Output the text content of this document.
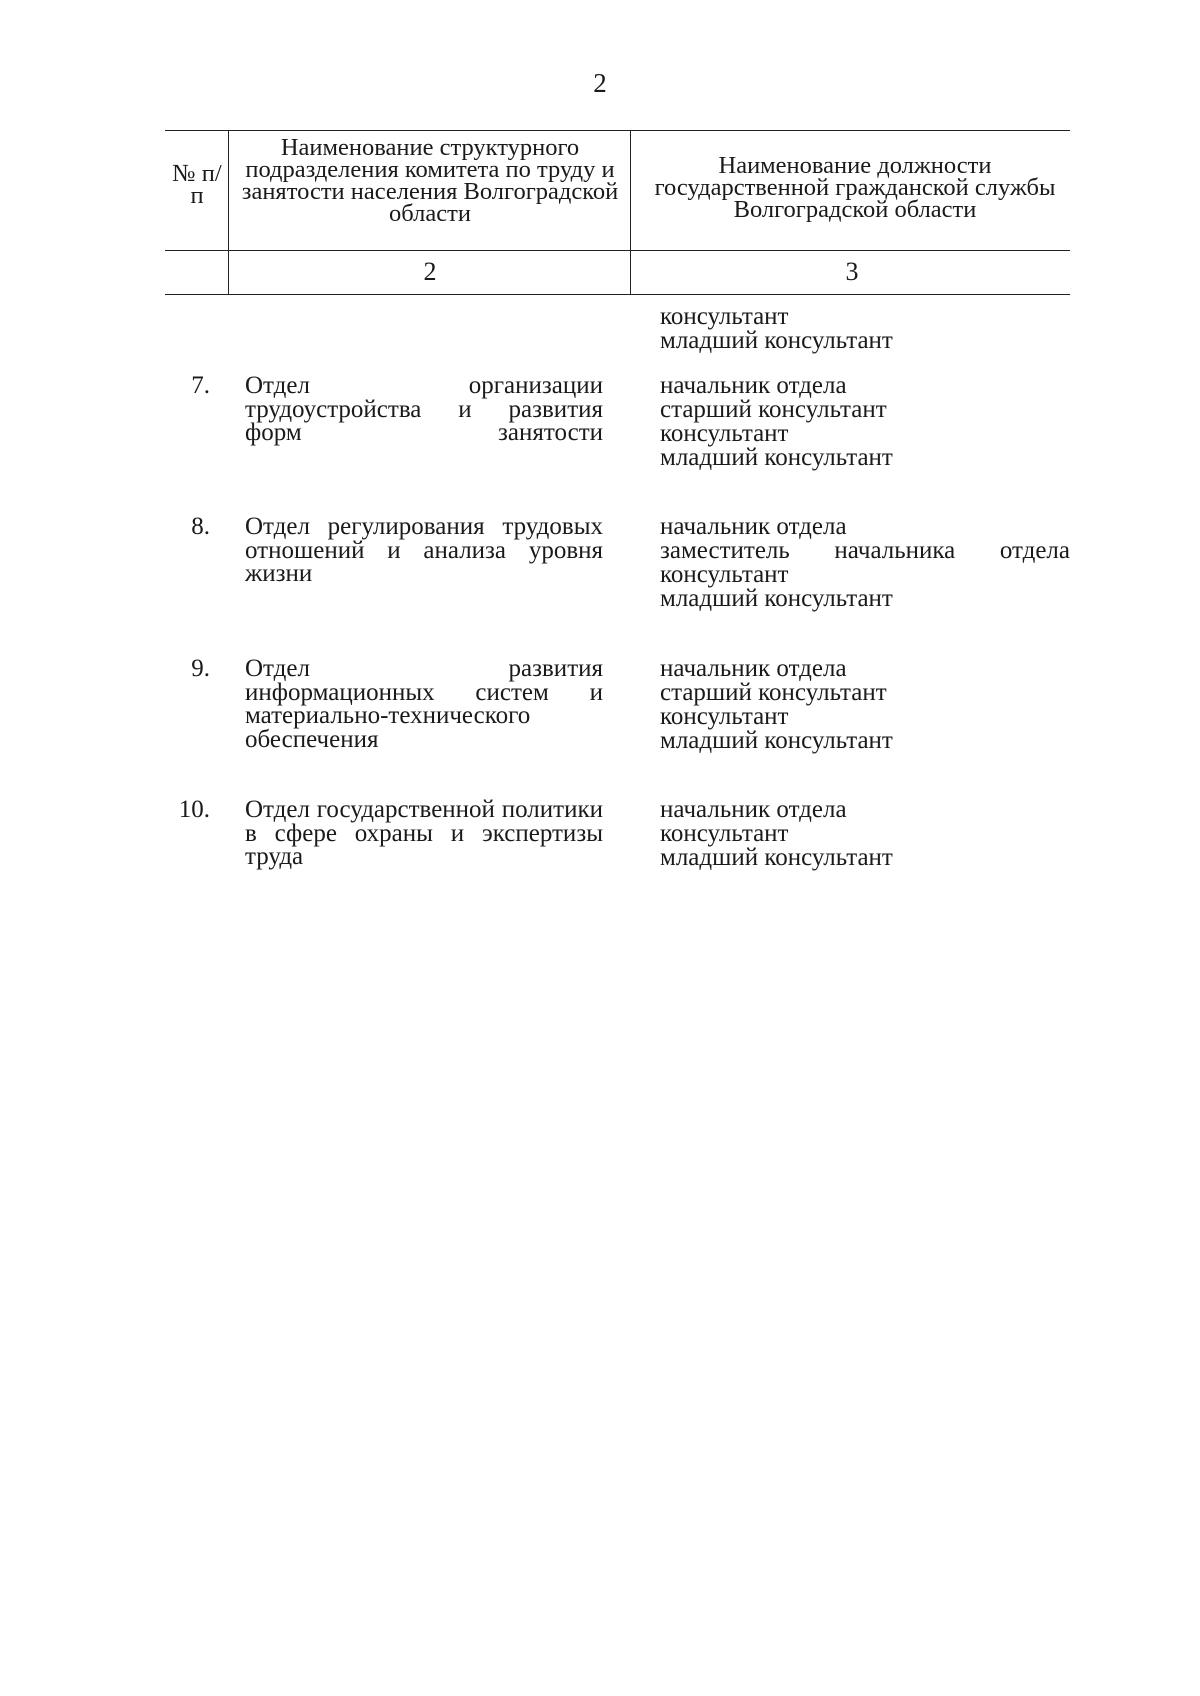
2
№ п/п
Наименование структурного подразделения комитета по труду и занятости населения Волгоградской области
Наименование должности государственной гражданской службы Волгоградской области
2	3
консультант
младший консультант
7. Отдел организации трудоустройства и развития форм занятости
начальник отдела
старший консультант
консультант
младший консультант
8. Отдел регулирования трудовых отношений и анализа уровня жизни
начальник отдела
заместитель начальника отдела
консультант
младший консультант
9. Отдел развития информационных систем и материально-технического обеспечения
начальник отдела
старший консультант
консультант
младший консультант
10. Отдел государственной политики в сфере охраны и экспертизы труда
начальник отдела
консультант
младший консультант
